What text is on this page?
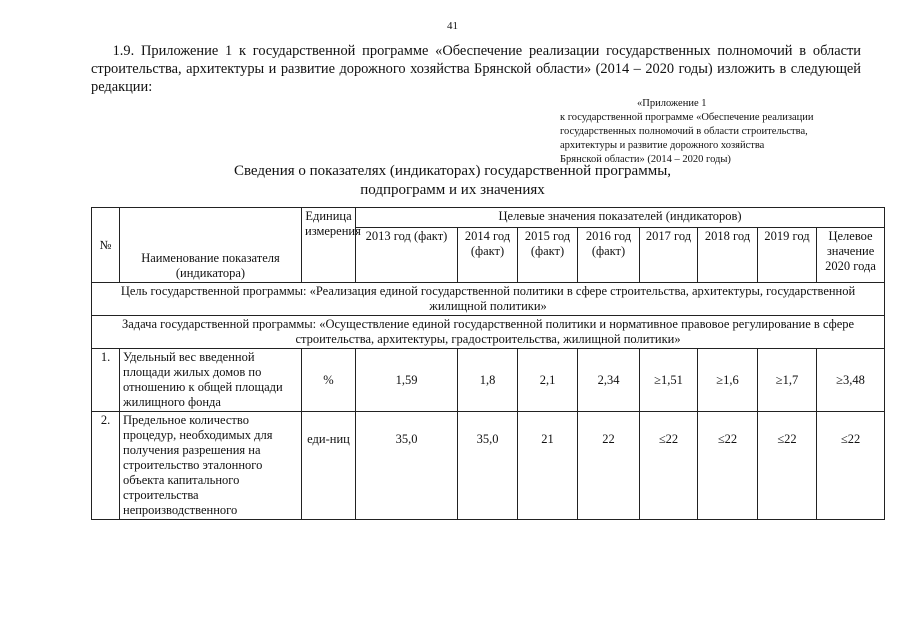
41

1.9. Приложение 1 к государственной программе «Обеспечение реализации государственных полномочий в области строительства, архитектуры и развитие дорожного хозяйства Брянской области» (2014 – 2020 годы) изложить в следующей редакции:

«Приложение 1
к государственной программе «Обеспечение реализации
государственных полномочий в области строительства,
архитектуры и развитие дорожного хозяйства
Брянской области» (2014 – 2020 годы)
Сведения о показателях (индикаторах) государственной программы,
подпрограмм и их значениях
№	Наименование показателя (индикатора)	Единица измерения	Целевые значения показателей (индикаторов)							
			2013 год (факт)	2014 год (факт)	2015 год (факт)	2016 год (факт)	2017 год	2018 год	2019 год	Целевое значение 2020 года
Цель государственной программы: «Реализация единой государственной политики в сфере строительства, архитектуры, государственной жилищной политики»										
Задача государственной программы: «Осуществление единой государственной политики и нормативное правовое регулирование в сфере строительства, архитектуры, градостроительства, жилищной политики»										
1.	Удельный вес введенной площади жилых домов по отношению к общей площади жилищного фонда	%	1,59	1,8	2,1	2,34	≥1,51	≥1,6	≥1,7	≥3,48
2.	Предельное количество процедур, необходимых для получения разрешения на строительство эталонного объекта капитального строительства непроизводственного	еди-ниц	35,0	35,0	21	22	≤22	≤22	≤22	≤22
